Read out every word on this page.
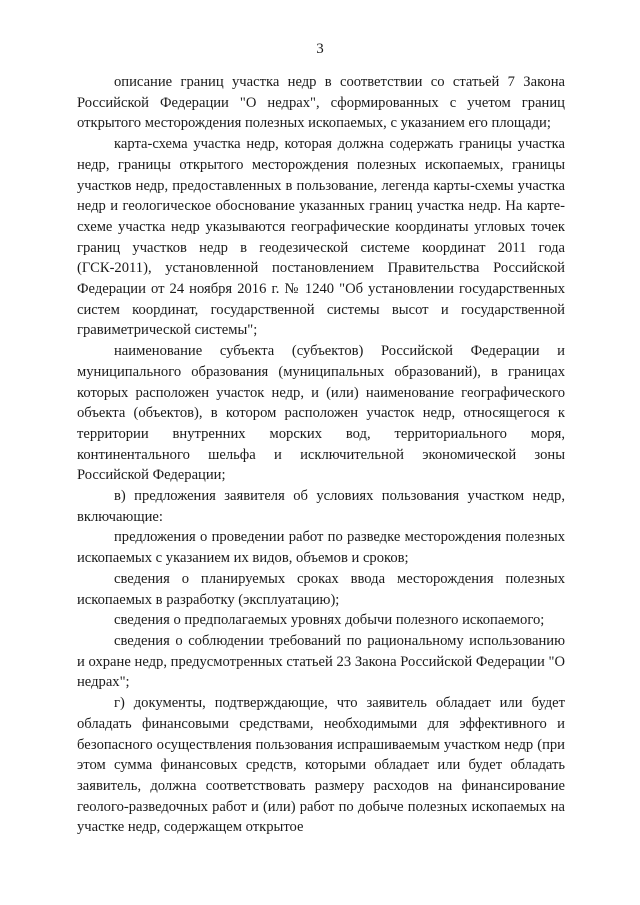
3

описание границ участка недр в соответствии со статьей 7 Закона Российской Федерации "О недрах", сформированных с учетом границ открытого месторождения полезных ископаемых, с указанием его площади;

карта-схема участка недр, которая должна содержать границы участка недр, границы открытого месторождения полезных ископаемых, границы участков недр, предоставленных в пользование, легенда карты-схемы участка недр и геологическое обоснование указанных границ участка недр. На карте-схеме участка недр указываются географические координаты угловых точек границ участков недр в геодезической системе координат 2011 года (ГСК-2011), установленной постановлением Правительства Российской Федерации от 24 ноября 2016 г. № 1240 "Об установлении государственных систем координат, государственной системы высот и государственной гравиметрической системы";

наименование субъекта (субъектов) Российской Федерации и муниципального образования (муниципальных образований), в границах которых расположен участок недр, и (или) наименование географического объекта (объектов), в котором расположен участок недр, относящегося к территории внутренних морских вод, территориального моря, континентального шельфа и исключительной экономической зоны Российской Федерации;

в) предложения заявителя об условиях пользования участком недр, включающие:

предложения о проведении работ по разведке месторождения полезных ископаемых с указанием их видов, объемов и сроков;

сведения о планируемых сроках ввода месторождения полезных ископаемых в разработку (эксплуатацию);

сведения о предполагаемых уровнях добычи полезного ископаемого;

сведения о соблюдении требований по рациональному использованию и охране недр, предусмотренных статьей 23 Закона Российской Федерации "О недрах";

г) документы, подтверждающие, что заявитель обладает или будет обладать финансовыми средствами, необходимыми для эффективного и безопасного осуществления пользования испрашиваемым участком недр (при этом сумма финансовых средств, которыми обладает или будет обладать заявитель, должна соответствовать размеру расходов на финансирование геолого-разведочных работ и (или) работ по добыче полезных ископаемых на участке недр, содержащем открытое
